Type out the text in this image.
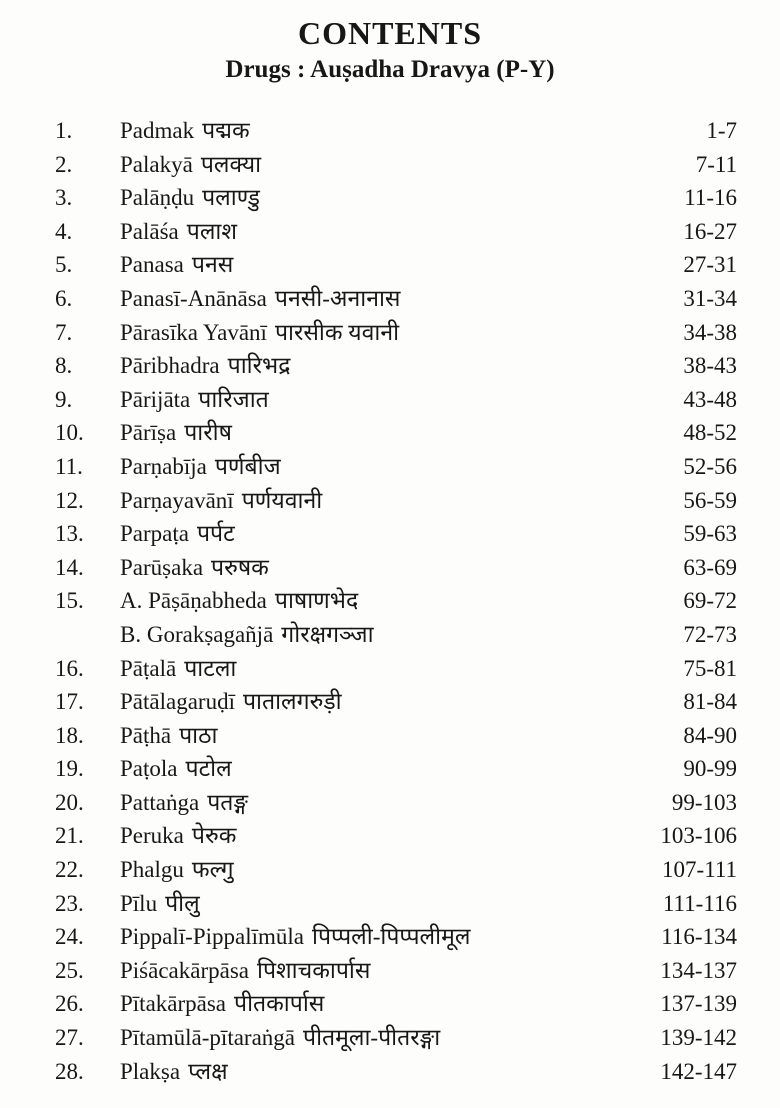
CONTENTS
Drugs : Auṣadha Dravya (P-Y)
1.	Padmak पद्मक	1-7
2.	Palakyā पलक्या	7-11
3.	Palāṇḍu पलाण्डु	11-16
4.	Palāśa पलाश	16-27
5.	Panasa पनस	27-31
6.	Panasī-Anānāsa पनसी-अनानास	31-34
7.	Pārasīka Yavānī पारसीक यवानी	34-38
8.	Pāribhadra पारिभद्र	38-43
9.	Pārijāta पारिजात	43-48
10.	Pārīṣa पारीष	48-52
11.	Parṇabīja पर्णबीज	52-56
12.	Parṇayavānī पर्णयवानी	56-59
13.	Parpaṭa पर्पट	59-63
14.	Parūṣaka परुषक	63-69
15.	A. Pāṣāṇabheda पाषाणभेद	69-72
B. Gorakṣagañjā गोरक्षगञ्जा	72-73
16.	Pāṭalā पाटला	75-81
17.	Pātālagaruḍī पातालगरुड़ी	81-84
18.	Pāṭhā पाठा	84-90
19.	Paṭola पटोल	90-99
20.	Pattaṅga पतङ्ग	99-103
21.	Peruka पेरुक	103-106
22.	Phalgu फल्गु	107-111
23.	Pīlu पीलु	111-116
24.	Pippalī-Pippalīmūla पिप्पली-पिप्पलीमूल	116-134
25.	Piśācakārpāsa पिशाचकार्पास	134-137
26.	Pītakārpāsa पीतकार्पास	137-139
27.	Pītamūlā-pītaraṅgā पीतमूला-पीतरङ्गा	139-142
28.	Plakṣa प्लक्ष	142-147
